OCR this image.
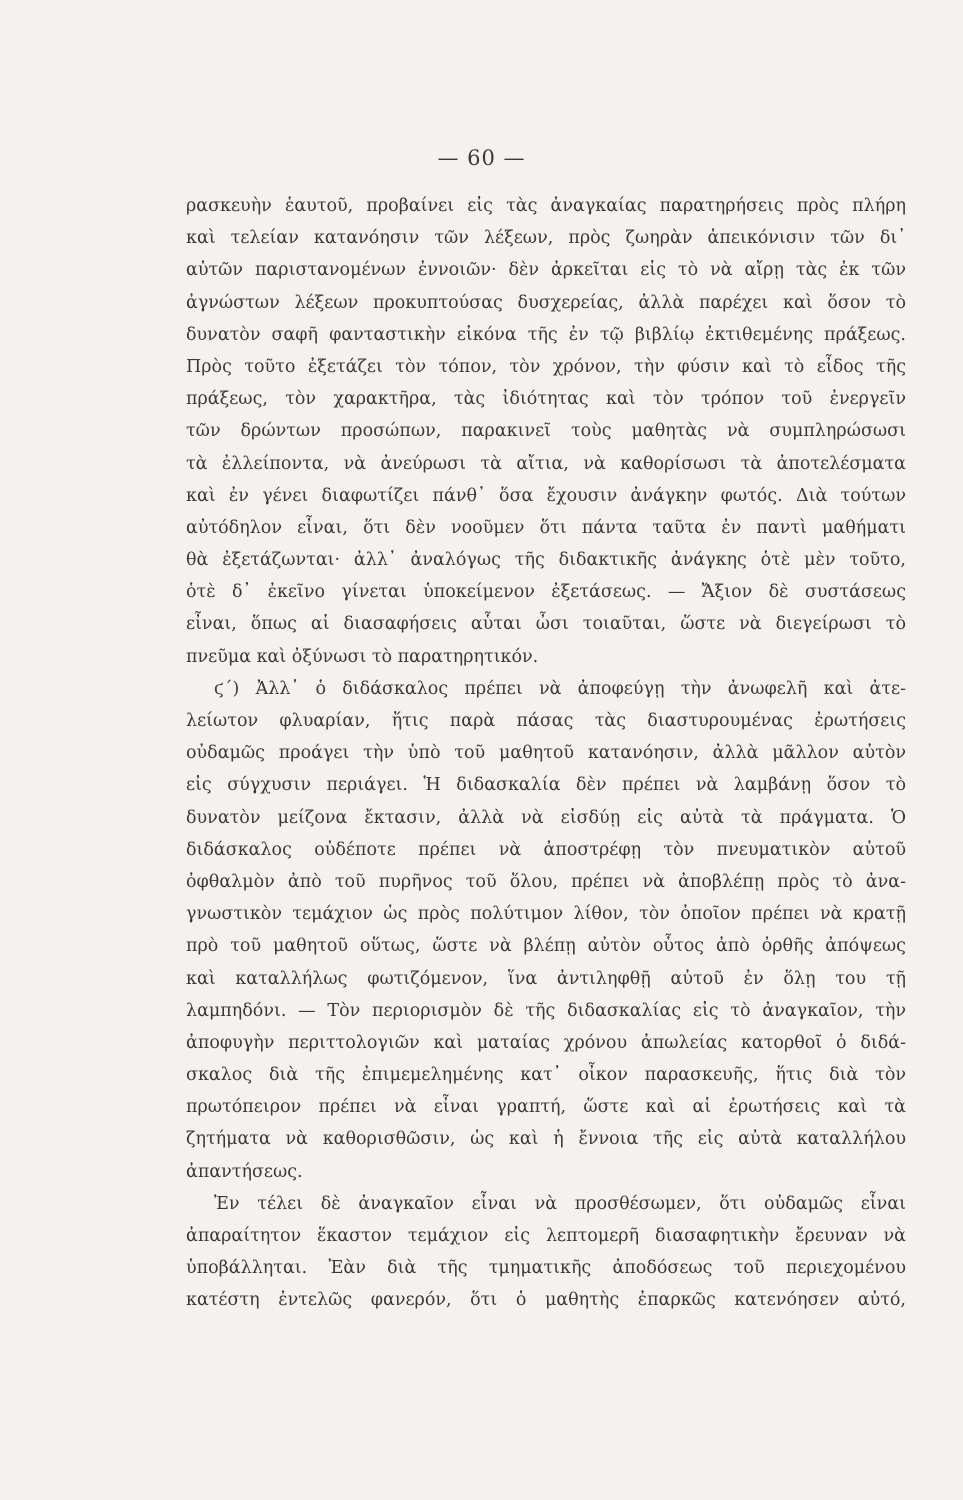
— 60 —
ρασκευὴν ἑαυτοῦ, προβαίνει εἰς τὰς ἀναγκαίας παρατηρήσεις πρὸς πλήρη
καὶ τελείαν κατανόησιν τῶν λέξεων, πρὸς ζωηρὰν ἀπεικόνισιν τῶν δι᾽
αὐτῶν παριστανομένων ἐννοιῶν· δὲν ἀρκεῖται εἰς τὸ νὰ αἴρῃ τὰς ἐκ τῶν
ἀγνώστων λέξεων προκυπτούσας δυσχερείας, ἀλλὰ παρέχει καὶ ὅσον τὸ
δυνατὸν σαφῆ φανταστικὴν εἰκόνα τῆς ἐν τῷ βιβλίῳ ἐκτιθεμένης πράξεως.
Πρὸς τοῦτο ἐξετάζει τὸν τόπον, τὸν χρόνον, τὴν φύσιν καὶ τὸ εἶδος τῆς
πράξεως, τὸν χαρακτῆρα, τὰς ἰδιότητας καὶ τὸν τρόπον τοῦ ἐνεργεῖν
τῶν δρώντων προσώπων, παρακινεῖ τοὺς μαθητὰς νὰ συμπληρώσωσι
τὰ ἐλλείποντα, νὰ ἀνεύρωσι τὰ αἴτια, νὰ καθορίσωσι τὰ ἀποτελέσματα
καὶ ἐν γένει διαφωτίζει πάνθ᾽ ὅσα ἔχουσιν ἀνάγκην φωτός. Διὰ τούτων
αὐτόδηλον εἶναι, ὅτι δὲν νοοῦμεν ὅτι πάντα ταῦτα ἐν παντὶ μαθήματι
θὰ ἐξετάζωνται· ἀλλ᾽ ἀναλόγως τῆς διδακτικῆς ἀνάγκης ὁτὲ μὲν τοῦτο,
ὁτὲ δ᾽ ἐκεῖνο γίνεται ὑποκείμενον ἐξετάσεως. — Ἄξιον δὲ συστάσεως
εἶναι, ὅπως αἱ διασαφήσεις αὗται ὦσι τοιαῦται, ὥστε νὰ διεγείρωσι τὸ
πνεῦμα καὶ ὀξύνωσι τὸ παρατηρητικόν.
ϛ´) Ἀλλ᾽ ὁ διδάσκαλος πρέπει νὰ ἀποφεύγῃ τὴν ἀνωφελῆ καὶ ἀτε-
λείωτον φλυαρίαν, ἥτις παρὰ πάσας τὰς διαστυρουμένας ἐρωτήσεις
οὐδαμῶς προάγει τὴν ὑπὸ τοῦ μαθητοῦ κατανόησιν, ἀλλὰ μᾶλλον αὐτὸν
εἰς σύγχυσιν περιάγει. Ἡ διδασκαλία δὲν πρέπει νὰ λαμβάνῃ ὅσον τὸ
δυνατὸν μείζονα ἔκτασιν, ἀλλὰ νὰ εἰσδύῃ εἰς αὐτὰ τὰ πράγματα. Ὁ
διδάσκαλος οὐδέποτε πρέπει νὰ ἀποστρέφῃ τὸν πνευματικὸν αὑτοῦ
ὀφθαλμὸν ἀπὸ τοῦ πυρῆνος τοῦ ὅλου, πρέπει νὰ ἀποβλέπῃ πρὸς τὸ ἀνα-
γνωστικὸν τεμάχιον ὡς πρὸς πολύτιμον λίθον, τὸν ὁποῖον πρέπει νὰ κρατῇ
πρὸ τοῦ μαθητοῦ οὕτως, ὥστε νὰ βλέπῃ αὐτὸν οὗτος ἀπὸ ὀρθῆς ἀπόψεως
καὶ καταλλήλως φωτιζόμενον, ἵνα ἀντιληφθῇ αὐτοῦ ἐν ὅλῃ του τῇ
λαμπηδόνι. — Τὸν περιορισμὸν δὲ τῆς διδασκαλίας εἰς τὸ ἀναγκαῖον, τὴν
ἀποφυγὴν περιττολογιῶν καὶ ματαίας χρόνου ἀπωλείας κατορθοῖ ὁ διδά-
σκαλος διὰ τῆς ἐπιμεμελημένης κατ᾽ οἶκον παρασκευῆς, ἥτις διὰ τὸν
πρωτόπειρον πρέπει νὰ εἶναι γραπτή, ὥστε καὶ αἱ ἐρωτήσεις καὶ τὰ
ζητήματα νὰ καθορισθῶσιν, ὡς καὶ ἡ ἔννοια τῆς εἰς αὐτὰ καταλλήλου
ἀπαντήσεως.
Ἐν τέλει δὲ ἀναγκαῖον εἶναι νὰ προσθέσωμεν, ὅτι οὐδαμῶς εἶναι
ἀπαραίτητον ἕκαστον τεμάχιον εἰς λεπτομερῆ διασαφητικὴν ἔρευναν νὰ
ὑποβάλληται. Ἐὰν διὰ τῆς τμηματικῆς ἀποδόσεως τοῦ περιεχομένου
κατέστη ἐντελῶς φανερόν, ὅτι ὁ μαθητὴς ἐπαρκῶς κατενόησεν αὐτό,
